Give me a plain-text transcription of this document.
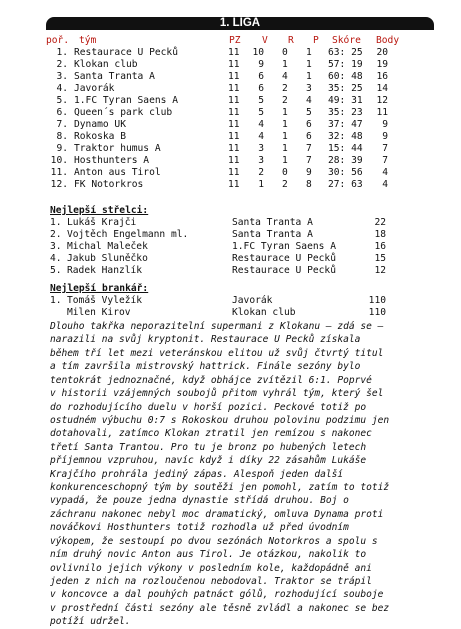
1. LIGA
poř. tým	PZ V R P Skóre Body
1. Restaurace U Pecků	11	10 0 1 63: 25	20
2. Klokan club	11	9 1 1 57: 19	19
3. Santa Tranta A	11	6 4 1 60: 48	16
4. Javorák	11	6 2 3 35: 25	14
5. 1.FC Tyran Saens A	11	5 2 4 49: 31	12
6. Queen´s park club	11	5 1 5 35: 23	11
7. Dynamo UK	11	4 1 6 37: 47	9
8. Rokoska B	11	4 1 6 32: 48	9
9. Traktor humus A	11	3 1 7 15: 44	7
10. Hosthunters A	11	3 1 7 28: 39	7
11. Anton aus Tirol	11	2 0 9 30: 56	4
12. FK Notorkros	11	1 2 8 27: 63	4
Nejlepší střelci:
1. Lukáš Krajči	Santa Tranta A	22
2. Vojtěch Engelmann ml.	Santa Tranta A	18
3. Michal Maleček	1.FC Tyran Saens A	16
4. Jakub Sluněčko	Restaurace U Pecků	15
5. Radek Hanzlík	Restaurace U Pecků	12
Nejlepší brankář:
1. Tomáš Vyležík	Javorák	110
Milen Kirov	Klokan club	110
Dlouho takřka neporazitelní supermani z Klokanu – zdá se –
narazili na svůj kryptonit. Restaurace U Pecků získala
během tří let mezi veteránskou elitou už svůj čtvrtý titul
a tím završila mistrovský hattrick. Finále sezóny bylo
tentokrát jednoznačné, když obhájce zvítězil 6:1. Poprvé
v historii vzájemných soubojů přitom vyhrál tým, který šel
do rozhodujícího duelu v horší pozici. Peckové totiž po
ostudném výbuchu 0:7 s Rokoskou druhou polovinu podzimu jen
dotahovali, zatímco Klokan ztratil jen remízou s nakonec
třetí Santa Trantou. Pro tu je bronz po hubených letech
příjemnou vzpruhou, navíc když i díky 22 zásahům Lukáše
Krajčího prohrála jediný zápas. Alespoň jeden další
konkurenceschopný tým by soutěži jen pomohl, zatím to totiž
vypadá, že pouze jedna dynastie střídá druhou. Boj o
záchranu nakonec nebyl moc dramatický, omluva Dynama proti
nováčkovi Hosthunters totiž rozhodla už před úvodním
výkopem, že sestoupí po dvou sezónách Notorkros a spolu s
ním druhý novic Anton aus Tirol. Je otázkou, nakolik to
ovlivnilo jejich výkony v posledním kole, každopádně ani
jeden z nich na rozloučenou nebodoval. Traktor se trápil
v koncovce a dal pouhých patnáct gólů, rozhodující souboje
v prostřední části sezóny ale těsně zvládl a nakonec se bez
potíží udržel.
